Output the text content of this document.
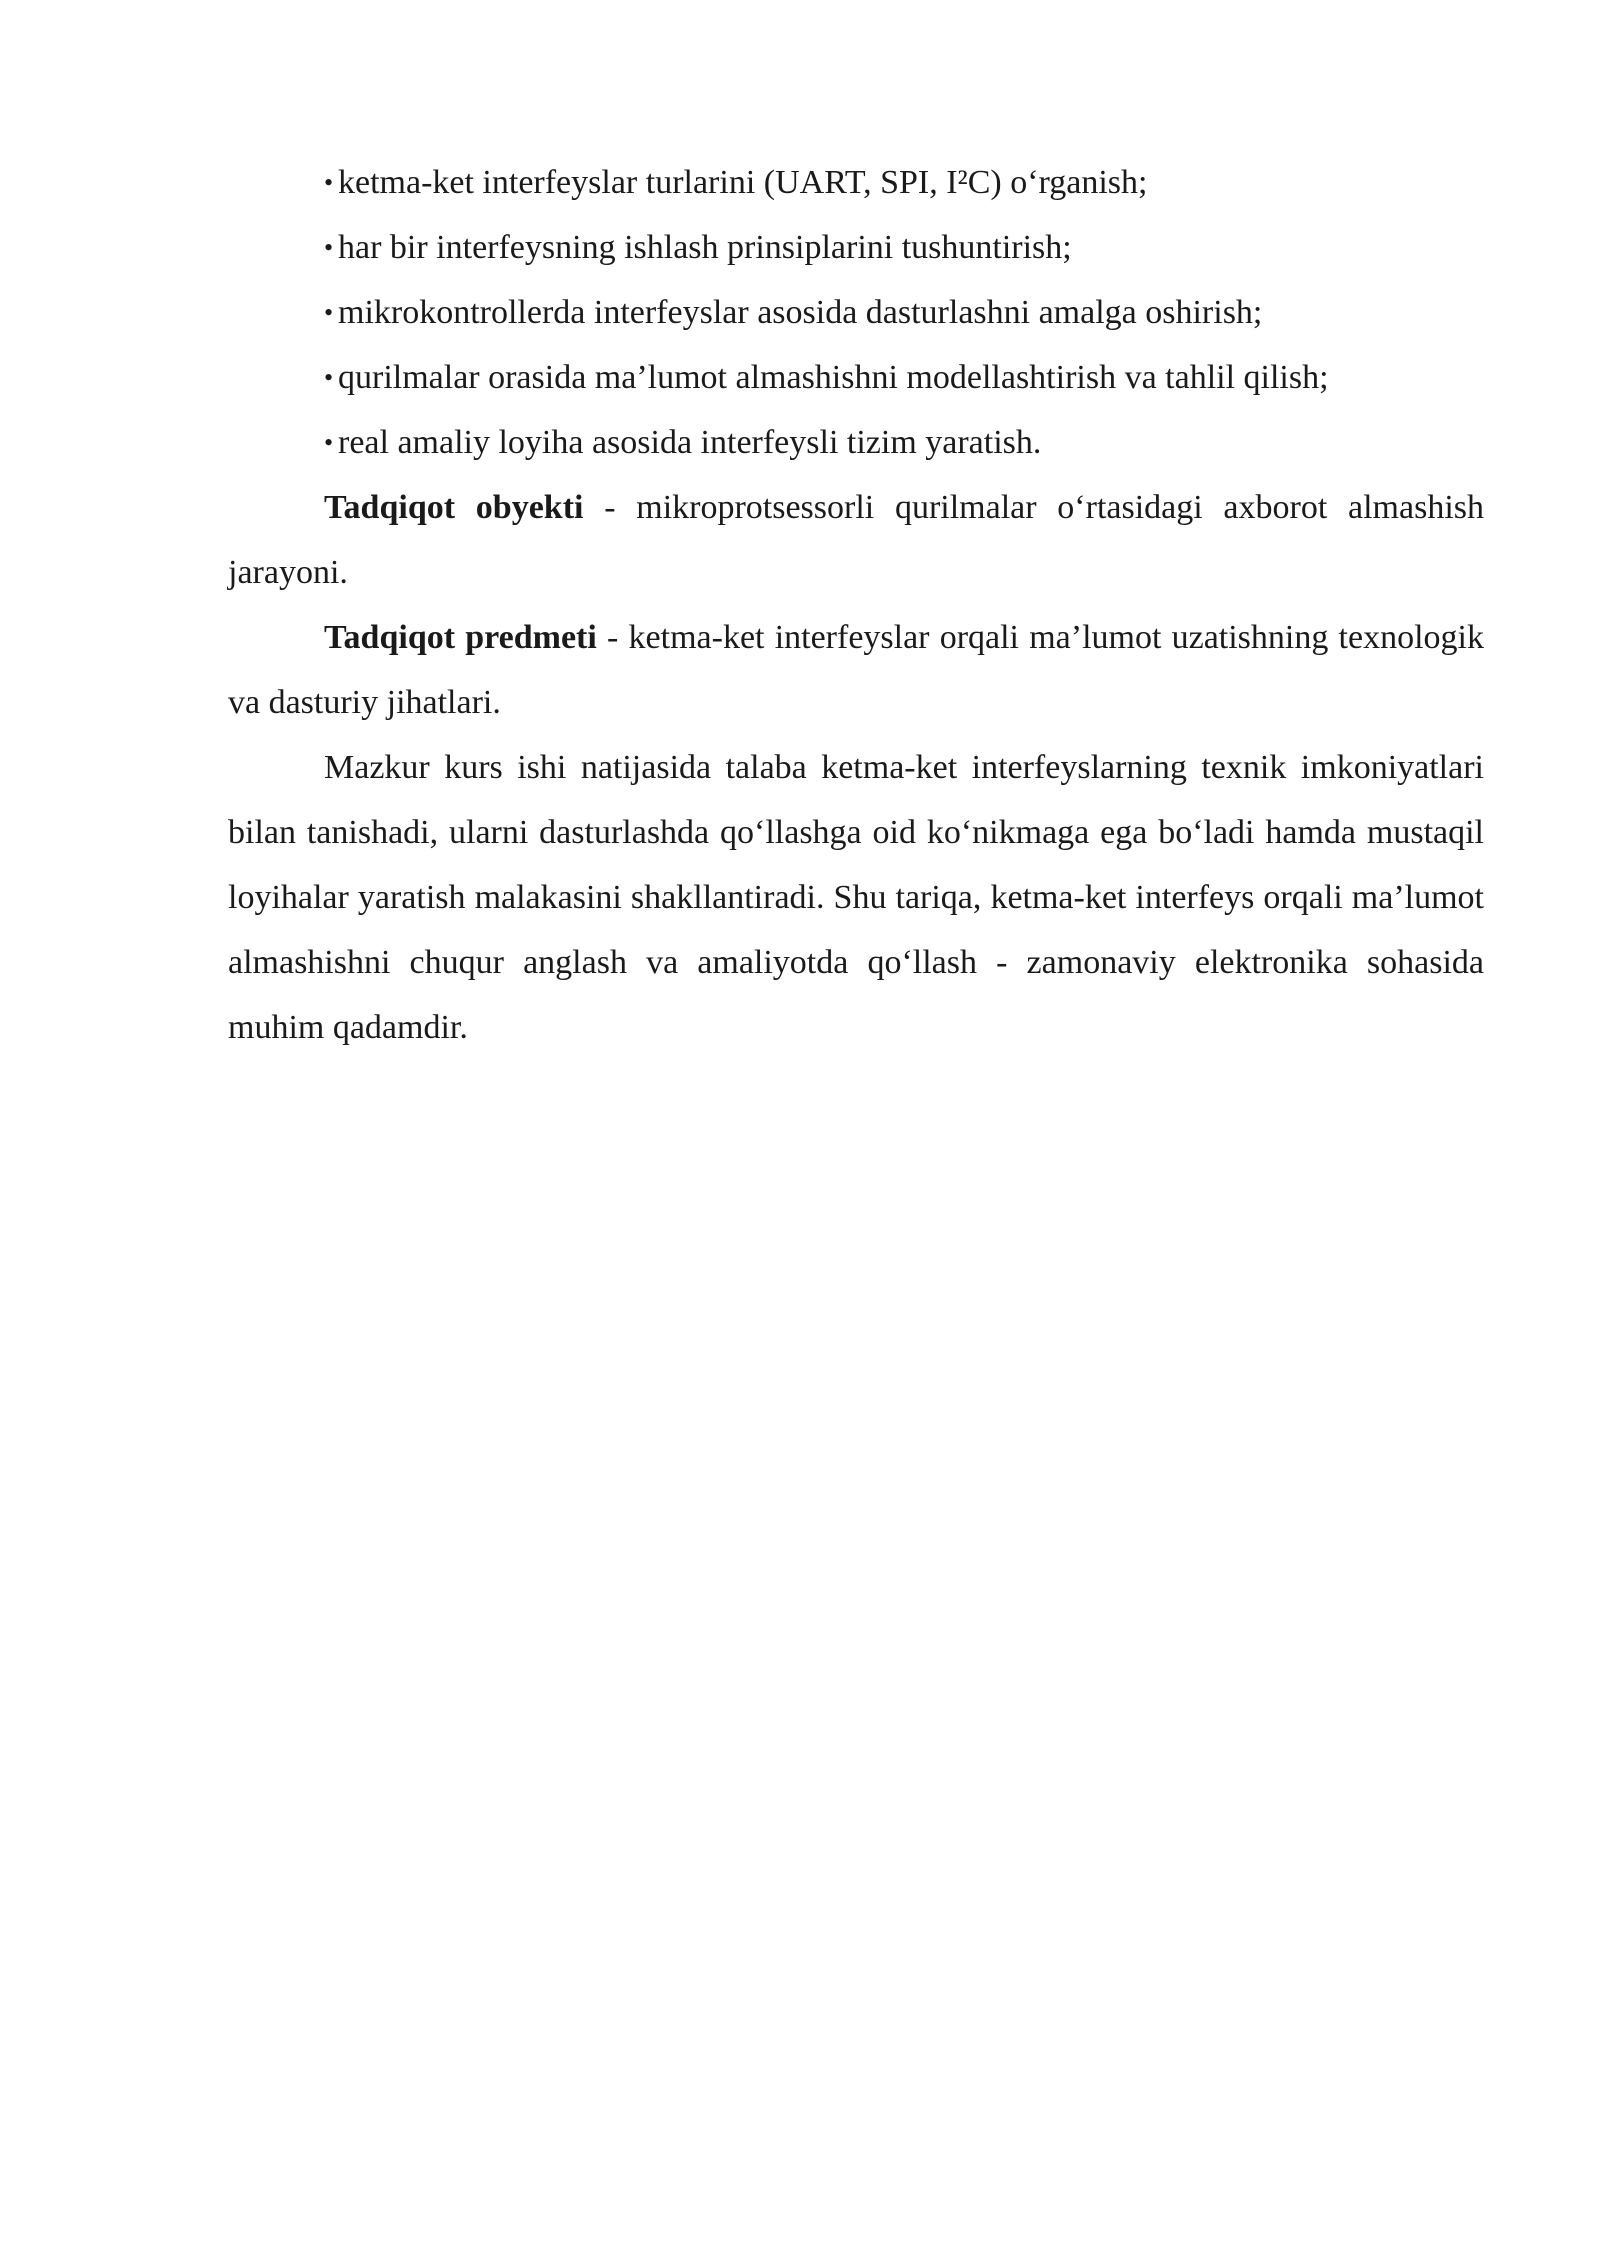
• ketma-ket interfeyslar turlarini (UART, SPI, I²C) o‘rganish;
• har bir interfeysning ishlash prinsiplarini tushuntirish;
• mikrokontrollerda interfeyslar asosida dasturlashni amalga oshirish;
• qurilmalar orasida ma’lumot almashishni modellashtirish va tahlil qilish;
• real amaliy loyiha asosida interfeysli tizim yaratish.

Tadqiqot obyekti - mikroprotsessorli qurilmalar o‘rtasidagi axborot almashish jarayoni.

Tadqiqot predmeti - ketma-ket interfeyslar orqali ma’lumot uzatishning texnologik va dasturiy jihatlari.

Mazkur kurs ishi natijasida talaba ketma-ket interfeyslarning texnik imkoniyatlari bilan tanishadi, ularni dasturlashda qo‘llashga oid ko‘nikmaga ega bo‘ladi hamda mustaqil loyihalar yaratish malakasini shakllantiradi. Shu tariqa, ketma-ket interfeys orqali ma’lumot almashishni chuqur anglash va amaliyotda qo‘llash - zamonaviy elektronika sohasida muhim qadamdir.
